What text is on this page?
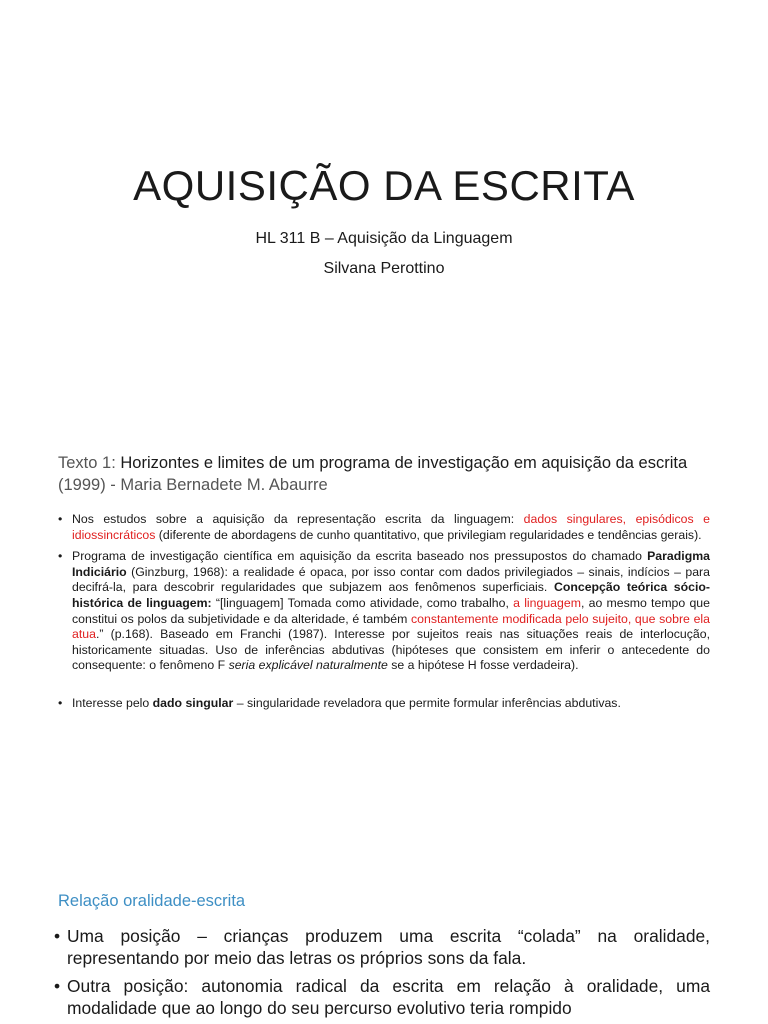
AQUISIÇÃO DA ESCRITA

HL 311 B – Aquisição da Linguagem

Silvana Perottino

Texto 1: Horizontes e limites de um programa de investigação em aquisição da escrita
(1999) - Maria Bernadete M. Abaurre
• Nos estudos sobre a aquisição da representação escrita da linguagem: dados singulares, episódicos e idiossincráticos (diferente de abordagens de cunho quantitativo, que privilegiam regularidades e tendências gerais).
• Programa de investigação científica em aquisição da escrita baseado nos pressupostos do chamado Paradigma Indiciário (Ginzburg, 1968): a realidade é opaca, por isso contar com dados privilegiados – sinais, indícios – para decifrá-la, para descobrir regularidades que subjazem aos fenômenos superficiais. Concepção teórica sócio-histórica de linguagem: “[linguagem] Tomada como atividade, como trabalho, a linguagem, ao mesmo tempo que constitui os polos da subjetividade e da alteridade, é também constantemente modificada pelo sujeito, que sobre ela atua.” (p.168). Baseado em Franchi (1987). Interesse por sujeitos reais nas situações reais de interlocução, historicamente situadas. Uso de inferências abdutivas (hipóteses que consistem em inferir o antecedente do consequente: o fenômeno F seria explicável naturalmente se a hipótese H fosse verdadeira).
• Interesse pelo dado singular – singularidade reveladora que permite formular inferências abdutivas.
Relação oralidade-escrita
• Uma posição – crianças produzem uma escrita “colada” na oralidade, representando por meio das letras os próprios sons da fala.
• Outra posição: autonomia radical da escrita em relação à oralidade, uma modalidade que ao longo do seu percurso evolutivo teria rompido
